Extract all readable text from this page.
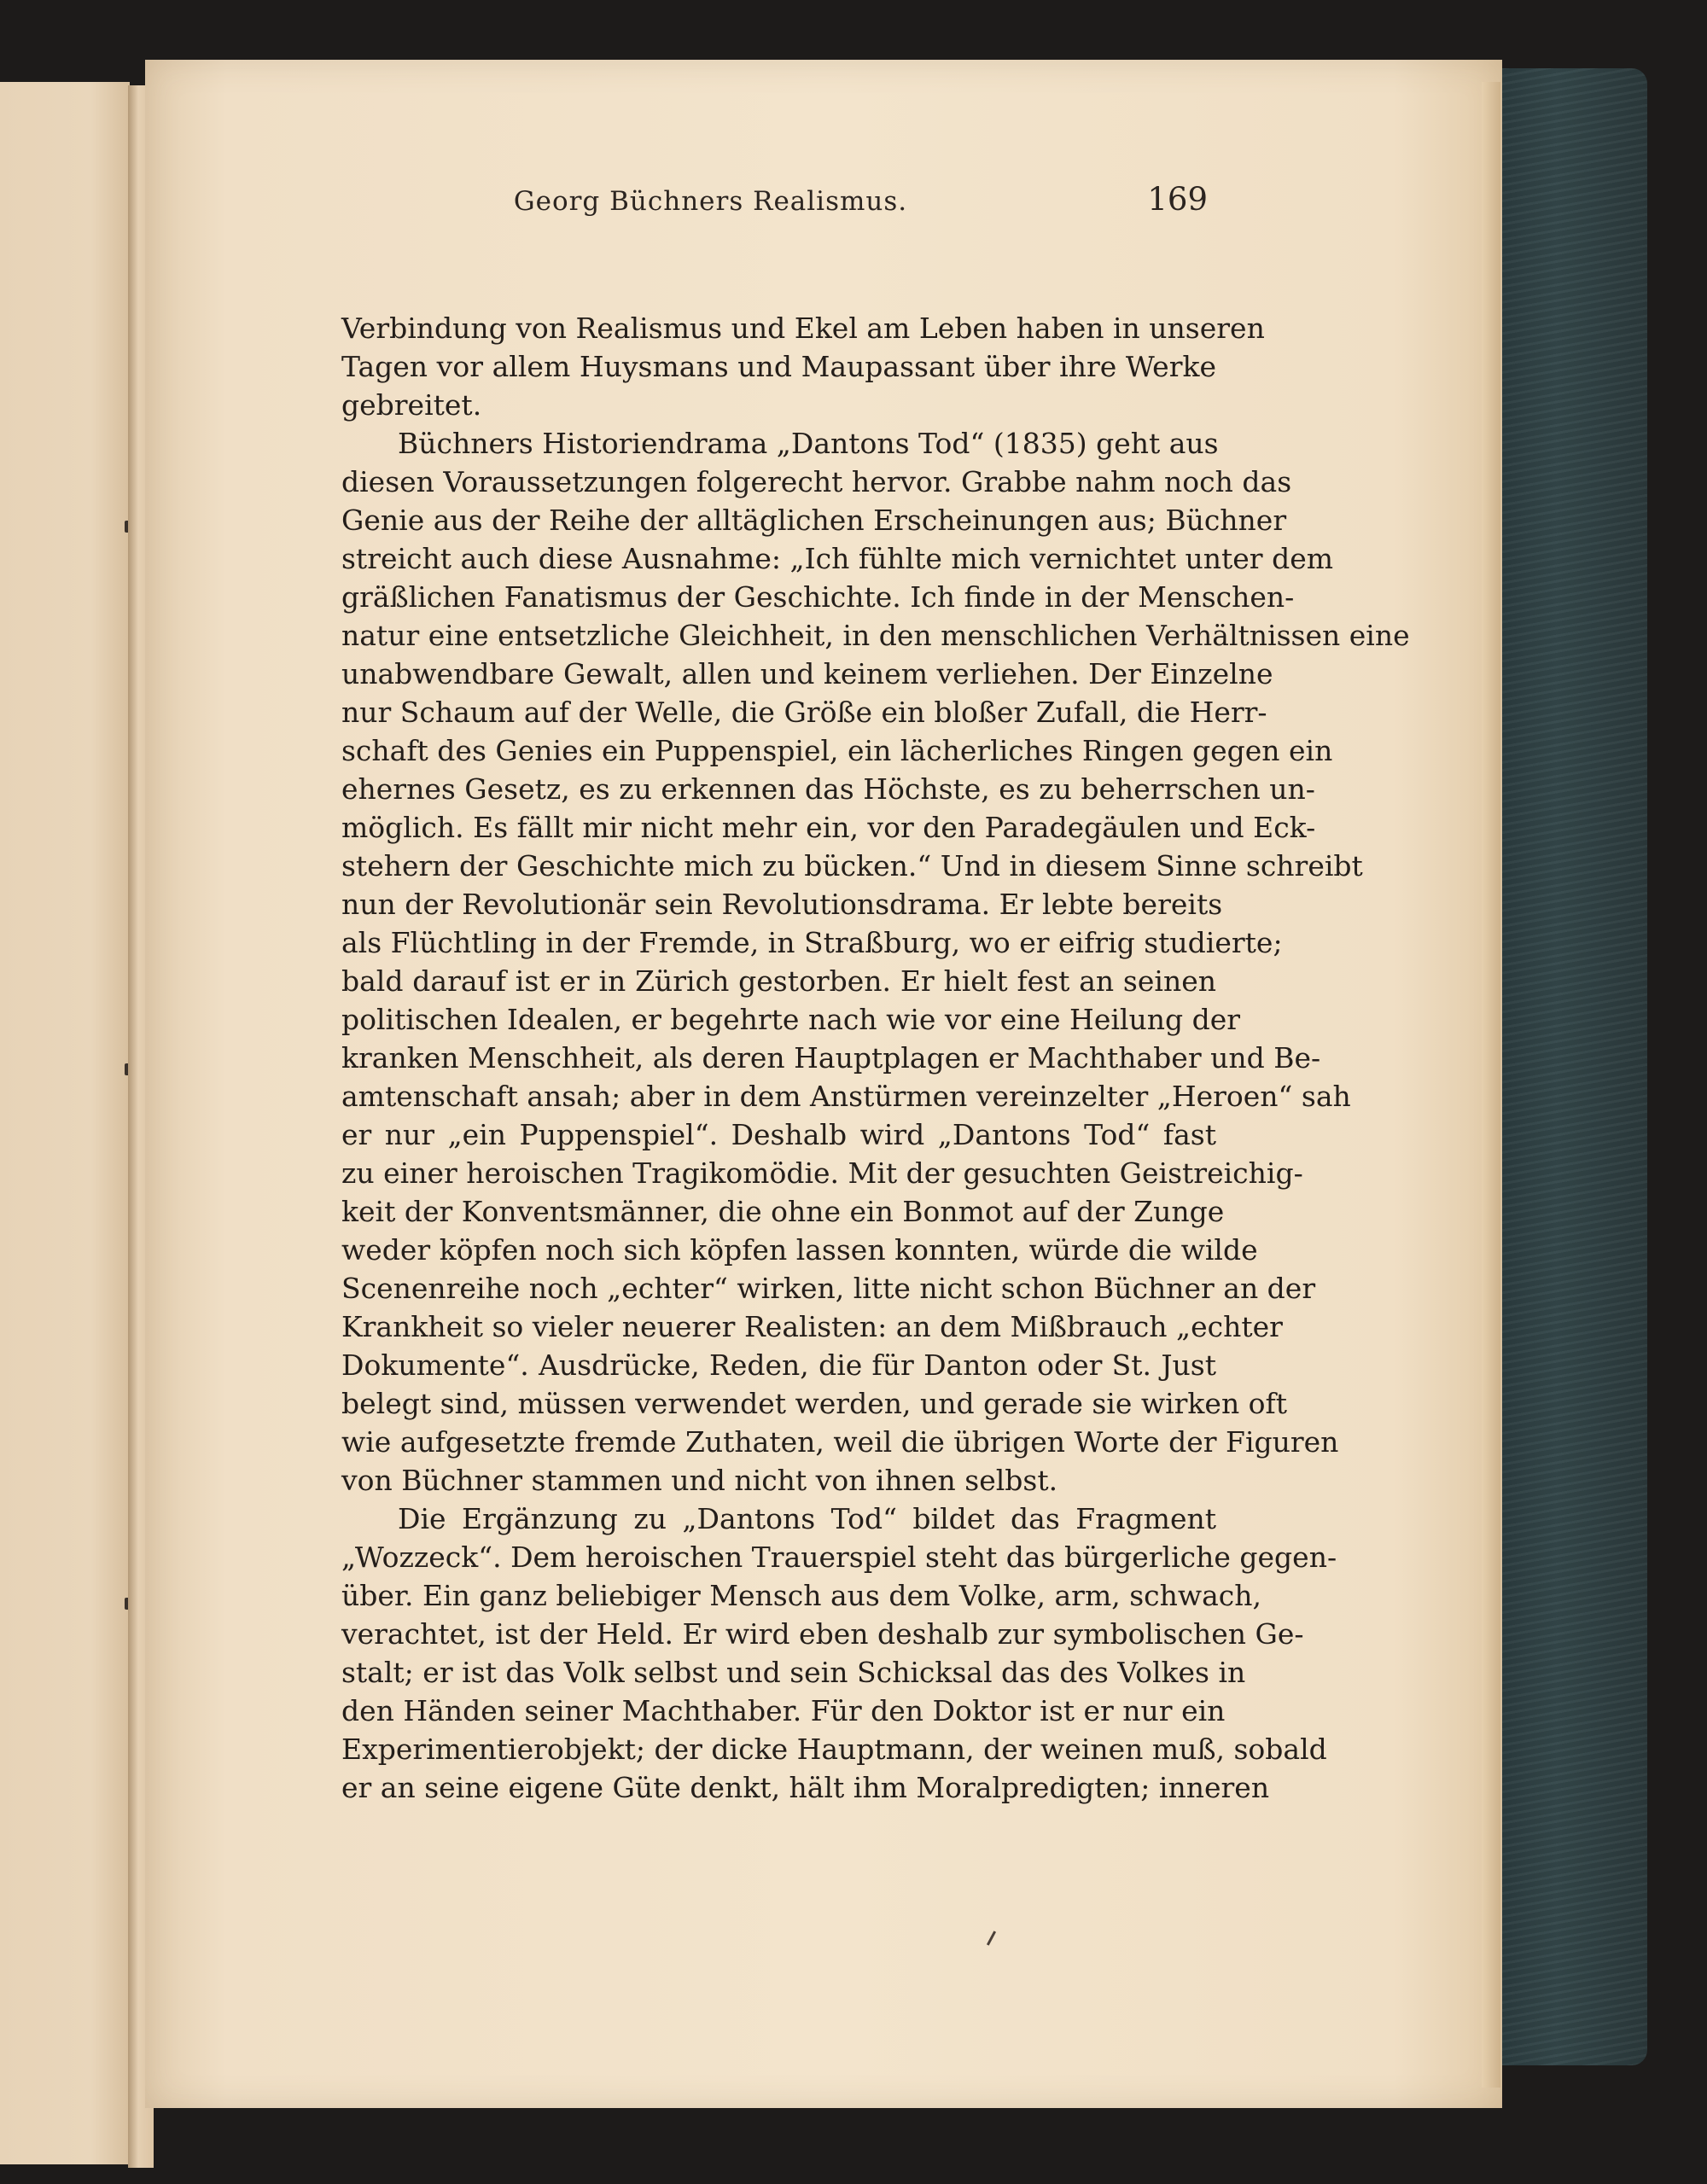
Georg Büchners Realismus.	169
Verbindung von Realismus und Ekel am Leben haben in unseren
Tagen vor allem Huysmans und Maupassant über ihre Werke
gebreitet.
Büchners Historiendrama „Dantons Tod“ (1835) geht aus
diesen Voraussetzungen folgerecht hervor. Grabbe nahm noch das
Genie aus der Reihe der alltäglichen Erscheinungen aus; Büchner
streicht auch diese Ausnahme: „Ich fühlte mich vernichtet unter dem
gräßlichen Fanatismus der Geschichte. Ich finde in der Menschen-
natur eine entsetzliche Gleichheit, in den menschlichen Verhältnissen eine
unabwendbare Gewalt, allen und keinem verliehen. Der Einzelne
nur Schaum auf der Welle, die Größe ein bloßer Zufall, die Herr-
schaft des Genies ein Puppenspiel, ein lächerliches Ringen gegen ein
ehernes Gesetz, es zu erkennen das Höchste, es zu beherrschen un-
möglich. Es fällt mir nicht mehr ein, vor den Paradegäulen und Eck-
stehern der Geschichte mich zu bücken.“ Und in diesem Sinne schreibt
nun der Revolutionär sein Revolutionsdrama. Er lebte bereits
als Flüchtling in der Fremde, in Straßburg, wo er eifrig studierte;
bald darauf ist er in Zürich gestorben. Er hielt fest an seinen
politischen Idealen, er begehrte nach wie vor eine Heilung der
kranken Menschheit, als deren Hauptplagen er Machthaber und Be-
amtenschaft ansah; aber in dem Anstürmen vereinzelter „Heroen“ sah
er nur „ein Puppenspiel“. Deshalb wird „Dantons Tod“ fast
zu einer heroischen Tragikomödie. Mit der gesuchten Geistreichig-
keit der Konventsmänner, die ohne ein Bonmot auf der Zunge
weder köpfen noch sich köpfen lassen konnten, würde die wilde
Scenenreihe noch „echter“ wirken, litte nicht schon Büchner an der
Krankheit so vieler neuerer Realisten: an dem Mißbrauch „echter
Dokumente“. Ausdrücke, Reden, die für Danton oder St. Just
belegt sind, müssen verwendet werden, und gerade sie wirken oft
wie aufgesetzte fremde Zuthaten, weil die übrigen Worte der Figuren
von Büchner stammen und nicht von ihnen selbst.
Die Ergänzung zu „Dantons Tod“ bildet das Fragment
„Wozzeck“. Dem heroischen Trauerspiel steht das bürgerliche gegen-
über. Ein ganz beliebiger Mensch aus dem Volke, arm, schwach,
verachtet, ist der Held. Er wird eben deshalb zur symbolischen Ge-
stalt; er ist das Volk selbst und sein Schicksal das des Volkes in
den Händen seiner Machthaber. Für den Doktor ist er nur ein
Experimentierobjekt; der dicke Hauptmann, der weinen muß, sobald
er an seine eigene Güte denkt, hält ihm Moralpredigten; inneren
